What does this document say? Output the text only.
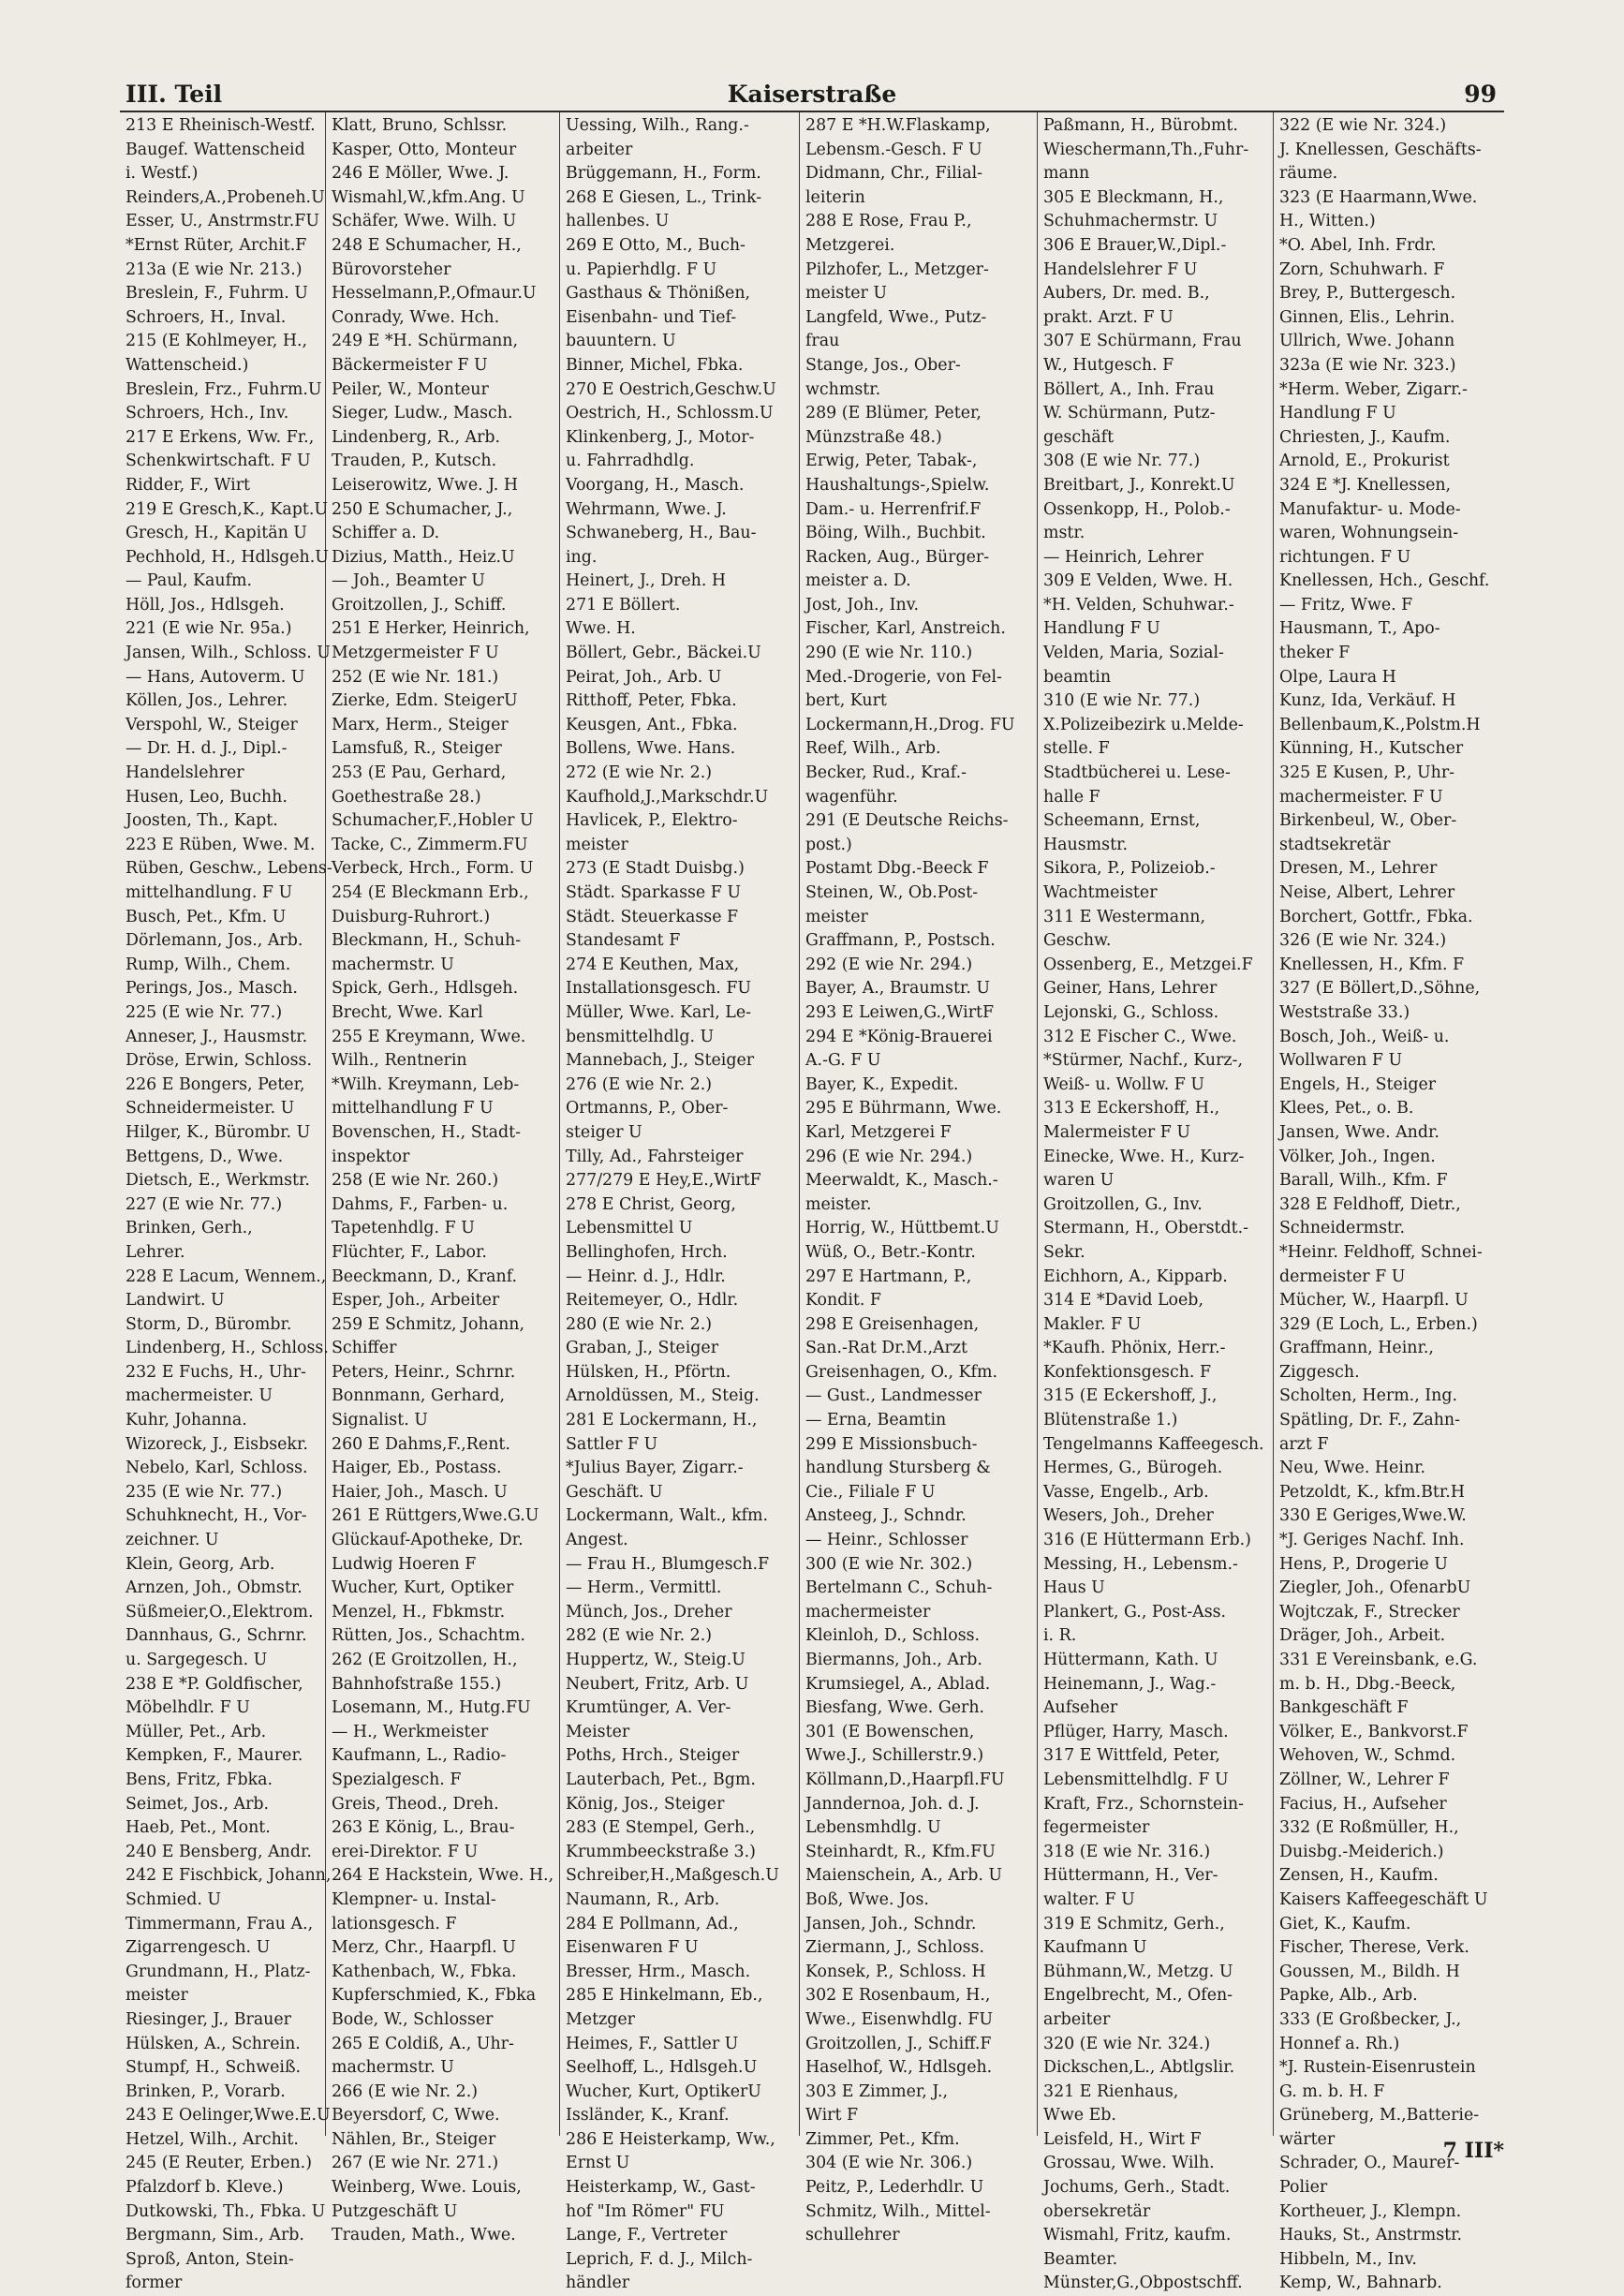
III. Teil	Kaiserstraße	99
213 E Rheinisch-Westf.
Baugef. Wattenscheid
i. Westf.)
Reinders,A.,Probeneh.U
Esser, U., Anstrmstr.FU
*Ernst Rüter, Archit.F
213a (E wie Nr. 213.)
Breslein, F., Fuhrm. U
Schroers, H., Inval.
215 (E Kohlmeyer, H.,
Wattenscheid.)
Breslein, Frz., Fuhrm.U
Schroers, Hch., Inv.
217 E Erkens, Ww. Fr.,
Schenkwirtschaft. F U
Ridder, F., Wirt
219 E Gresch,K., Kapt.U
Gresch, H., Kapitän U
Pechhold, H., Hdlsgeh.U
— Paul, Kaufm.
Höll, Jos., Hdlsgeh.
221 (E wie Nr. 95a.)
Jansen, Wilh., Schloss. U
— Hans, Autoverm. U
Köllen, Jos., Lehrer.
Verspohl, W., Steiger
— Dr. H. d. J., Dipl.-
Handelslehrer
Husen, Leo, Buchh.
Joosten, Th., Kapt.
223 E Rüben, Wwe. M.
Rüben, Geschw., Lebens-
mittelhandlung. F U
Busch, Pet., Kfm. U
Dörlemann, Jos., Arb.
Rump, Wilh., Chem.
Perings, Jos., Masch.
225 (E wie Nr. 77.)
Anneser, J., Hausmstr.
Dröse, Erwin, Schloss.
226 E Bongers, Peter,
Schneidermeister. U
Hilger, K., Bürombr. U
Bettgens, D., Wwe.
Dietsch, E., Werkmstr.
227 (E wie Nr. 77.)
Brinken, Gerh.,
Lehrer.
228 E Lacum, Wennem.,
Landwirt. U
Storm, D., Bürombr.
Lindenberg, H., Schloss.
232 E Fuchs, H., Uhr-
machermeister. U
Kuhr, Johanna.
Wizoreck, J., Eisbsekr.
Nebelo, Karl, Schloss.
235 (E wie Nr. 77.)
Schuhknecht, H., Vor-
zeichner. U
Klein, Georg, Arb.
Arnzen, Joh., Obmstr.
Süßmeier,O.,Elektrom.
Dannhaus, G., Schrnr.
u. Sargegesch. U
238 E *P. Goldfischer,
Möbelhdlr. F U
Müller, Pet., Arb.
Kempken, F., Maurer.
Bens, Fritz, Fbka.
Seimet, Jos., Arb.
Haeb, Pet., Mont.
240 E Bensberg, Andr.
242 E Fischbick, Johann,
Schmied. U
Timmermann, Frau A.,
Zigarrengesch. U
Grundmann, H., Platz-
meister
Riesinger, J., Brauer
Hülsken, A., Schrein.
Stumpf, H., Schweiß.
Brinken, P., Vorarb.
243 E Oelinger,Wwe.E.U
Hetzel, Wilh., Archit.
245 (E Reuter, Erben.)
Pfalzdorf b. Kleve.)
Dutkowski, Th., Fbka. U
Bergmann, Sim., Arb.
Sproß, Anton, Stein-
former
Klatt, Bruno, Schlssr.
Kasper, Otto, Monteur
246 E Möller, Wwe. J.
Wismahl,W.,kfm.Ang. U
Schäfer, Wwe. Wilh. U
248 E Schumacher, H.,
Bürovorsteher
Hesselmann,P.,Ofmaur.U
Conrady, Wwe. Hch.
249 E *H. Schürmann,
Bäckermeister F U
Peiler, W., Monteur
Sieger, Ludw., Masch.
Lindenberg, R., Arb.
Trauden, P., Kutsch.
Leiserowitz, Wwe. J. H
250 E Schumacher, J.,
Schiffer a. D.
Dizius, Matth., Heiz.U
— Joh., Beamter U
Groitzollen, J., Schiff.
251 E Herker, Heinrich,
Metzgermeister F U
252 (E wie Nr. 181.)
Zierke, Edm. SteigerU
Marx, Herm., Steiger
Lamsfuß, R., Steiger
253 (E Pau, Gerhard,
Goethestraße 28.)
Schumacher,F.,Hobler U
Tacke, C., Zimmerm.FU
Verbeck, Hrch., Form. U
254 (E Bleckmann Erb.,
Duisburg-Ruhrort.)
Bleckmann, H., Schuh-
machermstr. U
Spick, Gerh., Hdlsgeh.
Brecht, Wwe. Karl
255 E Kreymann, Wwe.
Wilh., Rentnerin
*Wilh. Kreymann, Leb-
mittelhandlung F U
Bovenschen, H., Stadt-
inspektor
258 (E wie Nr. 260.)
Dahms, F., Farben- u.
Tapetenhdlg. F U
Flüchter, F., Labor.
Beeckmann, D., Kranf.
Esper, Joh., Arbeiter
259 E Schmitz, Johann,
Schiffer
Peters, Heinr., Schrnr.
Bonnmann, Gerhard,
Signalist. U
260 E Dahms,F.,Rent.
Haiger, Eb., Postass.
Haier, Joh., Masch. U
261 E Rüttgers,Wwe.G.U
Glückauf-Apotheke, Dr.
Ludwig Hoeren F
Wucher, Kurt, Optiker
Menzel, H., Fbkmstr.
Rütten, Jos., Schachtm.
262 (E Groitzollen, H.,
Bahnhofstraße 155.)
Losemann, M., Hutg.FU
— H., Werkmeister
Kaufmann, L., Radio-
Spezialgesch. F
Greis, Theod., Dreh.
263 E König, L., Brau-
erei-Direktor. F U
264 E Hackstein, Wwe. H.,
Klempner- u. Instal-
lationsgesch. F
Merz, Chr., Haarpfl. U
Kathenbach, W., Fbka.
Kupferschmied, K., Fbka
Bode, W., Schlosser
265 E Coldiß, A., Uhr-
machermstr. U
266 (E wie Nr. 2.)
Beyersdorf, C, Wwe.
Nählen, Br., Steiger
267 (E wie Nr. 271.)
Weinberg, Wwe. Louis,
Putzgeschäft U
Trauden, Math., Wwe.
Uessing, Wilh., Rang.-
arbeiter
Brüggemann, H., Form.
268 E Giesen, L., Trink-
hallenbes. U
269 E Otto, M., Buch-
u. Papierhdlg. F U
Gasthaus & Thönißen,
Eisenbahn- und Tief-
bauuntern. U
Binner, Michel, Fbka.
270 E Oestrich,Geschw.U
Oestrich, H., Schlossm.U
Klinkenberg, J., Motor-
u. Fahrradhdlg.
Voorgang, H., Masch.
Wehrmann, Wwe. J.
Schwaneberg, H., Bau-
ing.
Heinert, J., Dreh. H
271 E Böllert.
Wwe. H.
Böllert, Gebr., Bäckei.U
Peirat, Joh., Arb. U
Ritthoff, Peter, Fbka.
Keusgen, Ant., Fbka.
Bollens, Wwe. Hans.
272 (E wie Nr. 2.)
Kaufhold,J.,Markschdr.U
Havlicek, P., Elektro-
meister
273 (E Stadt Duisbg.)
Städt. Sparkasse F U
Städt. Steuerkasse F
Standesamt F
274 E Keuthen, Max,
Installationsgesch. FU
Müller, Wwe. Karl, Le-
bensmittelhdlg. U
Mannebach, J., Steiger
276 (E wie Nr. 2.)
Ortmanns, P., Ober-
steiger U
Tilly, Ad., Fahrsteiger
277/279 E Hey,E.,WirtF
278 E Christ, Georg,
Lebensmittel U
Bellinghofen, Hrch.
— Heinr. d. J., Hdlr.
Reitemeyer, O., Hdlr.
280 (E wie Nr. 2.)
Graban, J., Steiger
Hülsken, H., Pförtn.
Arnoldüssen, M., Steig.
281 E Lockermann, H.,
Sattler F U
*Julius Bayer, Zigarr.-
Geschäft. U
Lockermann, Walt., kfm.
Angest.
— Frau H., Blumgesch.F
— Herm., Vermittl.
Münch, Jos., Dreher
282 (E wie Nr. 2.)
Huppertz, W., Steig.U
Neubert, Fritz, Arb. U
Krumtünger, A. Ver-
Meister
Poths, Hrch., Steiger
Lauterbach, Pet., Bgm.
König, Jos., Steiger
283 (E Stempel, Gerh.,
Krummbeeckstraße 3.)
Schreiber,H.,Maßgesch.U
Naumann, R., Arb.
284 E Pollmann, Ad.,
Eisenwaren F U
Bresser, Hrm., Masch.
285 E Hinkelmann, Eb.,
Metzger
Heimes, F., Sattler U
Seelhoff, L., Hdlsgeh.U
Wucher, Kurt, OptikerU
Issländer, K., Kranf.
286 E Heisterkamp, Ww.,
Ernst U
Heisterkamp, W., Gast-
hof "Im Römer" FU
Lange, F., Vertreter
Leprich, F. d. J., Milch-
händler
287 E *H.W.Flaskamp,
Lebensm.-Gesch. F U
Didmann, Chr., Filial-
leiterin
288 E Rose, Frau P.,
Metzgerei.
Pilzhofer, L., Metzger-
meister U
Langfeld, Wwe., Putz-
frau
Stange, Jos., Ober-
wchmstr.
289 (E Blümer, Peter,
Münzstraße 48.)
Erwig, Peter, Tabak-,
Haushaltungs-,Spielw.
Dam.- u. Herrenfrif.F
Böing, Wilh., Buchbit.
Racken, Aug., Bürger-
meister a. D.
Jost, Joh., Inv.
Fischer, Karl, Anstreich.
290 (E wie Nr. 110.)
Med.-Drogerie, von Fel-
bert, Kurt
Lockermann,H.,Drog. FU
Reef, Wilh., Arb.
Becker, Rud., Kraf.-
wagenführ.
291 (E Deutsche Reichs-
post.)
Postamt Dbg.-Beeck F
Steinen, W., Ob.Post-
meister
Graffmann, P., Postsch.
292 (E wie Nr. 294.)
Bayer, A., Braumstr. U
293 E Leiwen,G.,WirtF
294 E *König-Brauerei
A.-G. F U
Bayer, K., Expedit.
295 E Bührmann, Wwe.
Karl, Metzgerei F
296 (E wie Nr. 294.)
Meerwaldt, K., Masch.-
meister.
Horrig, W., Hüttbemt.U
Wüß, O., Betr.-Kontr.
297 E Hartmann, P.,
Kondit. F
298 E Greisenhagen,
San.-Rat Dr.M.,Arzt
Greisenhagen, O., Kfm.
— Gust., Landmesser
— Erna, Beamtin
299 E Missionsbuch-
handlung Stursberg &
Cie., Filiale F U
Ansteeg, J., Schndr.
— Heinr., Schlosser
300 (E wie Nr. 302.)
Bertelmann C., Schuh-
machermeister
Kleinloh, D., Schloss.
Biermanns, Joh., Arb.
Krumsiegel, A., Ablad.
Biesfang, Wwe. Gerh.
301 (E Bowenschen,
Wwe.J., Schillerstr.9.)
Köllmann,D.,Haarpfl.FU
Janndernoa, Joh. d. J.
Lebensmhdlg. U
Steinhardt, R., Kfm.FU
Maienschein, A., Arb. U
Boß, Wwe. Jos.
Jansen, Joh., Schndr.
Ziermann, J., Schloss.
Konsek, P., Schloss. H
302 E Rosenbaum, H.,
Wwe., Eisenwhdlg. FU
Groitzollen, J., Schiff.F
Haselhof, W., Hdlsgeh.
303 E Zimmer, J.,
Wirt F
Zimmer, Pet., Kfm.
304 (E wie Nr. 306.)
Peitz, P., Lederhdlr. U
Schmitz, Wilh., Mittel-
schullehrer
Paßmann, H., Bürobmt.
Wieschermann,Th.,Fuhr-
mann
305 E Bleckmann, H.,
Schuhmachermstr. U
306 E Brauer,W.,Dipl.-
Handelslehrer F U
Aubers, Dr. med. B.,
prakt. Arzt. F U
307 E Schürmann, Frau
W., Hutgesch. F
Böllert, A., Inh. Frau
W. Schürmann, Putz-
geschäft
308 (E wie Nr. 77.)
Breitbart, J., Konrekt.U
Ossenkopp, H., Polob.-
mstr.
— Heinrich, Lehrer
309 E Velden, Wwe. H.
*H. Velden, Schuhwar.-
Handlung F U
Velden, Maria, Sozial-
beamtin
310 (E wie Nr. 77.)
X.Polizeibezirk u.Melde-
stelle. F
Stadtbücherei u. Lese-
halle F
Scheemann, Ernst,
Hausmstr.
Sikora, P., Polizeiob.-
Wachtmeister
311 E Westermann,
Geschw.
Ossenberg, E., Metzgei.F
Geiner, Hans, Lehrer
Lejonski, G., Schloss.
312 E Fischer C., Wwe.
*Stürmer, Nachf., Kurz-,
Weiß- u. Wollw. F U
313 E Eckershoff, H.,
Malermeister F U
Einecke, Wwe. H., Kurz-
waren U
Groitzollen, G., Inv.
Stermann, H., Oberstdt.-
Sekr.
Eichhorn, A., Kipparb.
314 E *David Loeb,
Makler. F U
*Kaufh. Phönix, Herr.-
Konfektionsgesch. F
315 (E Eckershoff, J.,
Blütenstraße 1.)
Tengelmanns Kaffeegesch.
Hermes, G., Bürogeh.
Vasse, Engelb., Arb.
Wesers, Joh., Dreher
316 (E Hüttermann Erb.)
Messing, H., Lebensm.-
Haus U
Plankert, G., Post-Ass.
i. R.
Hüttermann, Kath. U
Heinemann, J., Wag.-
Aufseher
Pflüger, Harry, Masch.
317 E Wittfeld, Peter,
Lebensmittelhdlg. F U
Kraft, Frz., Schornstein-
fegermeister
318 (E wie Nr. 316.)
Hüttermann, H., Ver-
walter. F U
319 E Schmitz, Gerh.,
Kaufmann U
Bühmann,W., Metzg. U
Engelbrecht, M., Ofen-
arbeiter
320 (E wie Nr. 324.)
Dickschen,L., Abtlgslir.
321 E Rienhaus,
Wwe Eb.
Leisfeld, H., Wirt F
Grossau, Wwe. Wilh.
Jochums, Gerh., Stadt.
obersekretär
Wismahl, Fritz, kaufm.
Beamter.
Münster,G.,Obpostschff.
322 (E wie Nr. 324.)
J. Knellessen, Geschäfts-
räume.
323 (E Haarmann,Wwe.
H., Witten.)
*O. Abel, Inh. Frdr.
Zorn, Schuhwarh. F
Brey, P., Buttergesch.
Ginnen, Elis., Lehrin.
Ullrich, Wwe. Johann
323a (E wie Nr. 323.)
*Herm. Weber, Zigarr.-
Handlung F U
Chriesten, J., Kaufm.
Arnold, E., Prokurist
324 E *J. Knellessen,
Manufaktur- u. Mode-
waren, Wohnungsein-
richtungen. F U
Knellessen, Hch., Geschf.
— Fritz, Wwe. F
Hausmann, T., Apo-
theker F
Olpe, Laura H
Kunz, Ida, Verkäuf. H
Bellenbaum,K.,Polstm.H
Künning, H., Kutscher
325 E Kusen, P., Uhr-
machermeister. F U
Birkenbeul, W., Ober-
stadtsekretär
Dresen, M., Lehrer
Neise, Albert, Lehrer
Borchert, Gottfr., Fbka.
326 (E wie Nr. 324.)
Knellessen, H., Kfm. F
327 (E Böllert,D.,Söhne,
Weststraße 33.)
Bosch, Joh., Weiß- u.
Wollwaren F U
Engels, H., Steiger
Klees, Pet., o. B.
Jansen, Wwe. Andr.
Völker, Joh., Ingen.
Barall, Wilh., Kfm. F
328 E Feldhoff, Dietr.,
Schneidermstr.
*Heinr. Feldhoff, Schnei-
dermeister F U
Mücher, W., Haarpfl. U
329 (E Loch, L., Erben.)
Graffmann, Heinr.,
Ziggesch.
Scholten, Herm., Ing.
Spätling, Dr. F., Zahn-
arzt F
Neu, Wwe. Heinr.
Petzoldt, K., kfm.Btr.H
330 E Geriges,Wwe.W.
*J. Geriges Nachf. Inh.
Hens, P., Drogerie U
Ziegler, Joh., OfenarbU
Wojtczak, F., Strecker
Dräger, Joh., Arbeit.
331 E Vereinsbank, e.G.
m. b. H., Dbg.-Beeck,
Bankgeschäft F
Völker, E., Bankvorst.F
Wehoven, W., Schmd.
Zöllner, W., Lehrer F
Facius, H., Aufseher
332 (E Roßmüller, H.,
Duisbg.-Meiderich.)
Zensen, H., Kaufm.
Kaisers Kaffeegeschäft U
Giet, K., Kaufm.
Fischer, Therese, Verk.
Goussen, M., Bildh. H
Papke, Alb., Arb.
333 (E Großbecker, J.,
Honnef a. Rh.)
*J. Rustein-Eisenrustein
G. m. b. H. F
Grüneberg, M.,Batterie-
wärter
Schrader, O., Maurer-
Polier
Kortheuer, J., Klempn.
Hauks, St., Anstrmstr.
Hibbeln, M., Inv.
Kemp, W., Bahnarb.
7 III*
